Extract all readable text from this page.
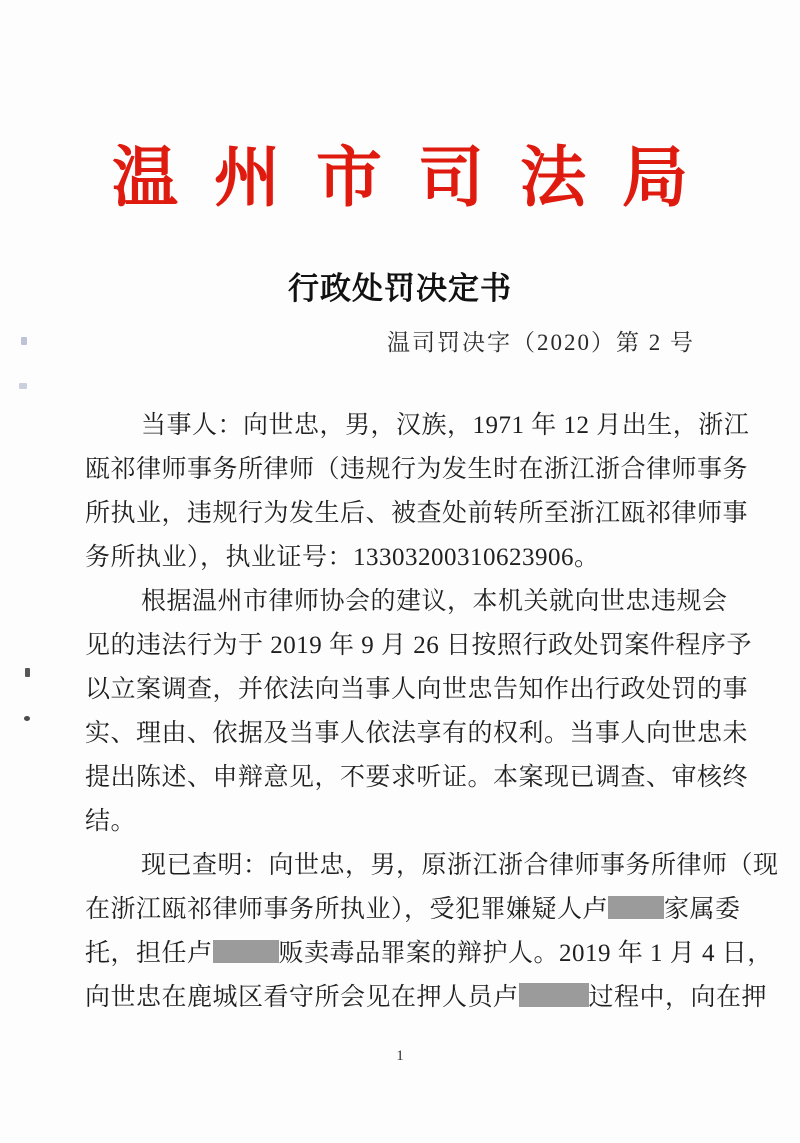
温州市司法局
行政处罚决定书
温司罚决字（2020）第 2 号
当事人：向世忠，男，汉族，1971 年 12 月出生，浙江
瓯祁律师事务所律师（违规行为发生时在浙江浙合律师事务
所执业，违规行为发生后、被查处前转所至浙江瓯祁律师事
务所执业），执业证号：13303200310623906。
根据温州市律师协会的建议，本机关就向世忠违规会
见的违法行为于 2019 年 9 月 26 日按照行政处罚案件程序予
以立案调查，并依法向当事人向世忠告知作出行政处罚的事
实、理由、依据及当事人依法享有的权利。当事人向世忠未
提出陈述、申辩意见，不要求听证。本案现已调查、审核终
结。
现已查明：向世忠，男，原浙江浙合律师事务所律师（现
在浙江瓯祁律师事务所执业），受犯罪嫌疑人卢 家属委
托，担任卢	贩卖毒品罪案的辩护人。2019 年 1 月 4 日，
向世忠在鹿城区看守所会见在押人员卢	过程中，向在押
1
